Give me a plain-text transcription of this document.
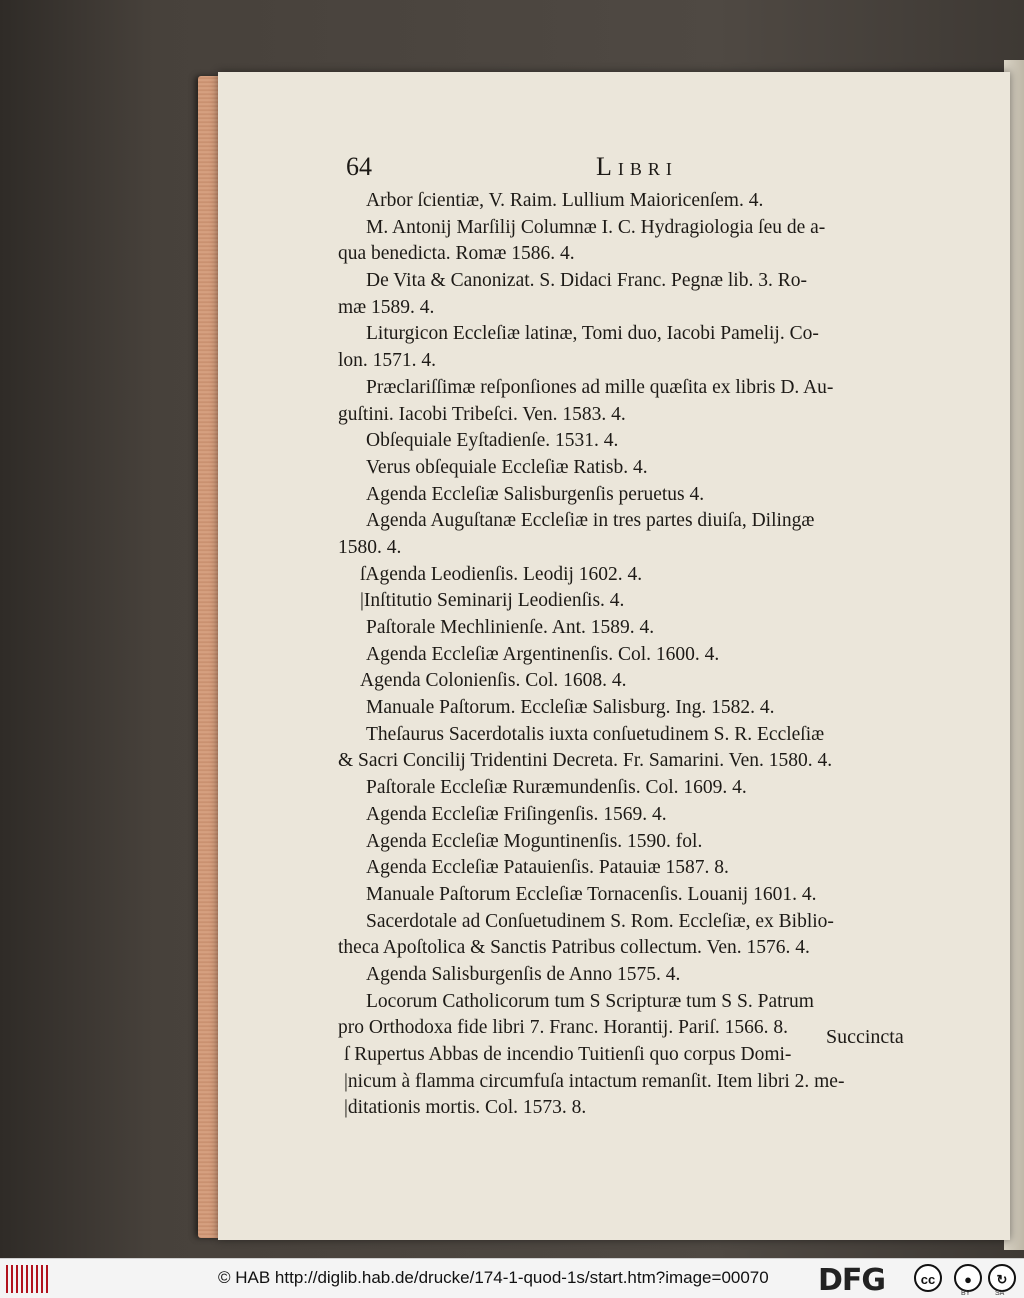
64	Libri
Arbor ſcientiæ, V. Raim. Lullium Maioricenſem. 4.
M. Antonij Marſilij Columnæ I. C. Hydragiologia ſeu de a-
qua benedicta. Romæ 1586. 4.
De Vita & Canonizat. S. Didaci Franc. Pegnæ lib. 3. Ro-
mæ 1589. 4.
Liturgicon Eccleſiæ latinæ, Tomi duo, Iacobi Pamelij. Co-
lon. 1571. 4.
Præclariſſimæ reſponſiones ad mille quæſita ex libris D. Au-
guſtini. Iacobi Tribeſci. Ven. 1583. 4.
Obſequiale Eyſtadienſe. 1531. 4.
Verus obſequiale Eccleſiæ Ratisb. 4.
Agenda Eccleſiæ Salisburgenſis peruetus 4.
Agenda Auguſtanæ Eccleſiæ in tres partes diuiſa, Dilingæ
1580. 4.
ſAgenda Leodienſis. Leodij 1602. 4.
|Inſtitutio Seminarij Leodienſis. 4.
Paſtorale Mechlinienſe. Ant. 1589. 4.
Agenda Eccleſiæ Argentinenſis. Col. 1600. 4.
Agenda Colonienſis. Col. 1608. 4.
Manuale Paſtorum. Eccleſiæ Salisburg. Ing. 1582. 4.
Theſaurus Sacerdotalis iuxta conſuetudinem S. R. Eccleſiæ
& Sacri Concilij Tridentini Decreta. Fr. Samarini. Ven. 1580. 4.
Paſtorale Eccleſiæ Ruræmundenſis. Col. 1609. 4.
Agenda Eccleſiæ Friſingenſis. 1569. 4.
Agenda Eccleſiæ Moguntinenſis. 1590. fol.
Agenda Eccleſiæ Patauienſis. Patauiæ 1587. 8.
Manuale Paſtorum Eccleſiæ Tornacenſis. Louanij 1601. 4.
Sacerdotale ad Conſuetudinem S. Rom. Eccleſiæ, ex Biblio-
theca Apoſtolica & Sanctis Patribus collectum. Ven. 1576. 4.
Agenda Salisburgenſis de Anno 1575. 4.
Locorum Catholicorum tum S Scripturæ tum S S. Patrum
pro Orthodoxa fide libri 7. Franc. Horantij. Pariſ. 1566. 8.
ſ Rupertus Abbas de incendio Tuitienſi quo corpus Domi-
|nicum à flamma circumfuſa intactum remanſit. Item libri 2. me-
|ditationis mortis. Col. 1573. 8.
Succincta
© HAB http://diglib.hab.de/drucke/174-1-quod-1s/start.htm?image=00070 DFG	cc	●	↻
BY	SA
